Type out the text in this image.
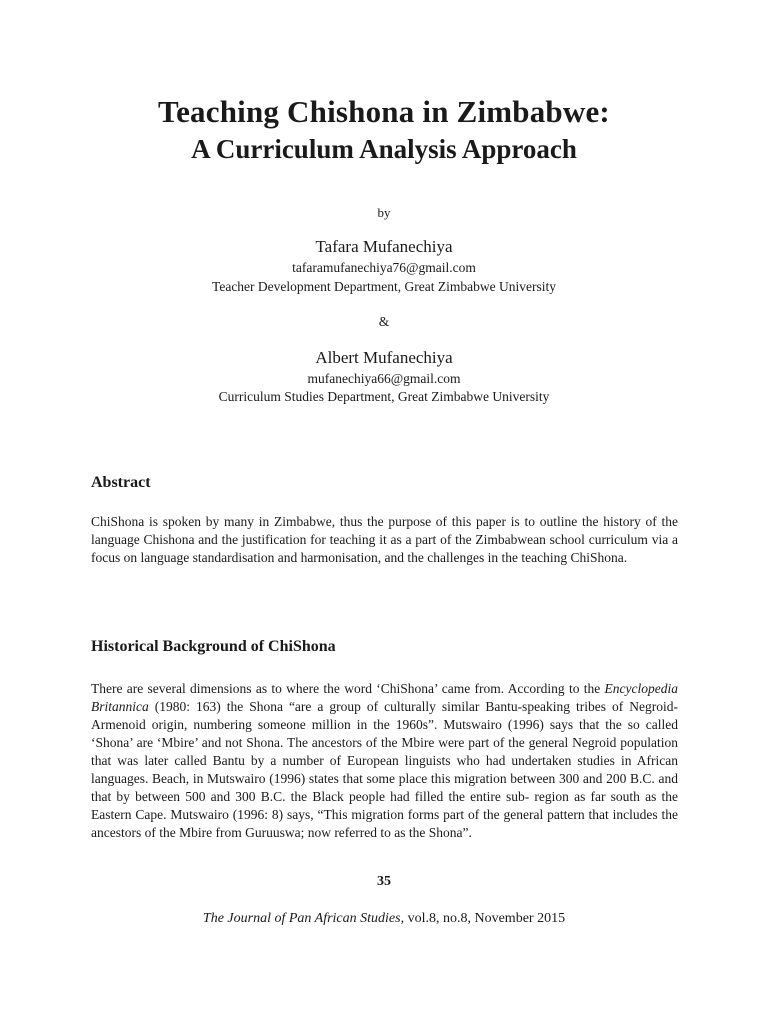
Teaching Chishona in Zimbabwe:
A Curriculum Analysis Approach
by
Tafara Mufanechiya
tafaramufanechiya76@gmail.com
Teacher Development Department, Great Zimbabwe University
&
Albert Mufanechiya
mufanechiya66@gmail.com
Curriculum Studies Department, Great Zimbabwe University
Abstract

ChiShona is spoken by many in Zimbabwe, thus the purpose of this paper is to outline the history of the language Chishona and the justification for teaching it as a part of the Zimbabwean school curriculum via a focus on language standardisation and harmonisation, and the challenges in the teaching ChiShona.

Historical Background of ChiShona

There are several dimensions as to where the word ‘ChiShona’ came from. According to the Encyclopedia Britannica (1980: 163) the Shona “are a group of culturally similar Bantu-speaking tribes of Negroid-Armenoid origin, numbering someone million in the 1960s”. Mutswairo (1996) says that the so called ‘Shona’ are ‘Mbire’ and not Shona. The ancestors of the Mbire were part of the general Negroid population that was later called Bantu by a number of European linguists who had undertaken studies in African languages. Beach, in Mutswairo (1996) states that some place this migration between 300 and 200 B.C. and that by between 500 and 300 B.C. the Black people had filled the entire sub- region as far south as the Eastern Cape. Mutswairo (1996: 8) says, “This migration forms part of the general pattern that includes the ancestors of the Mbire from Guruuswa; now referred to as the Shona”.

35
The Journal of Pan African Studies, vol.8, no.8, November 2015
